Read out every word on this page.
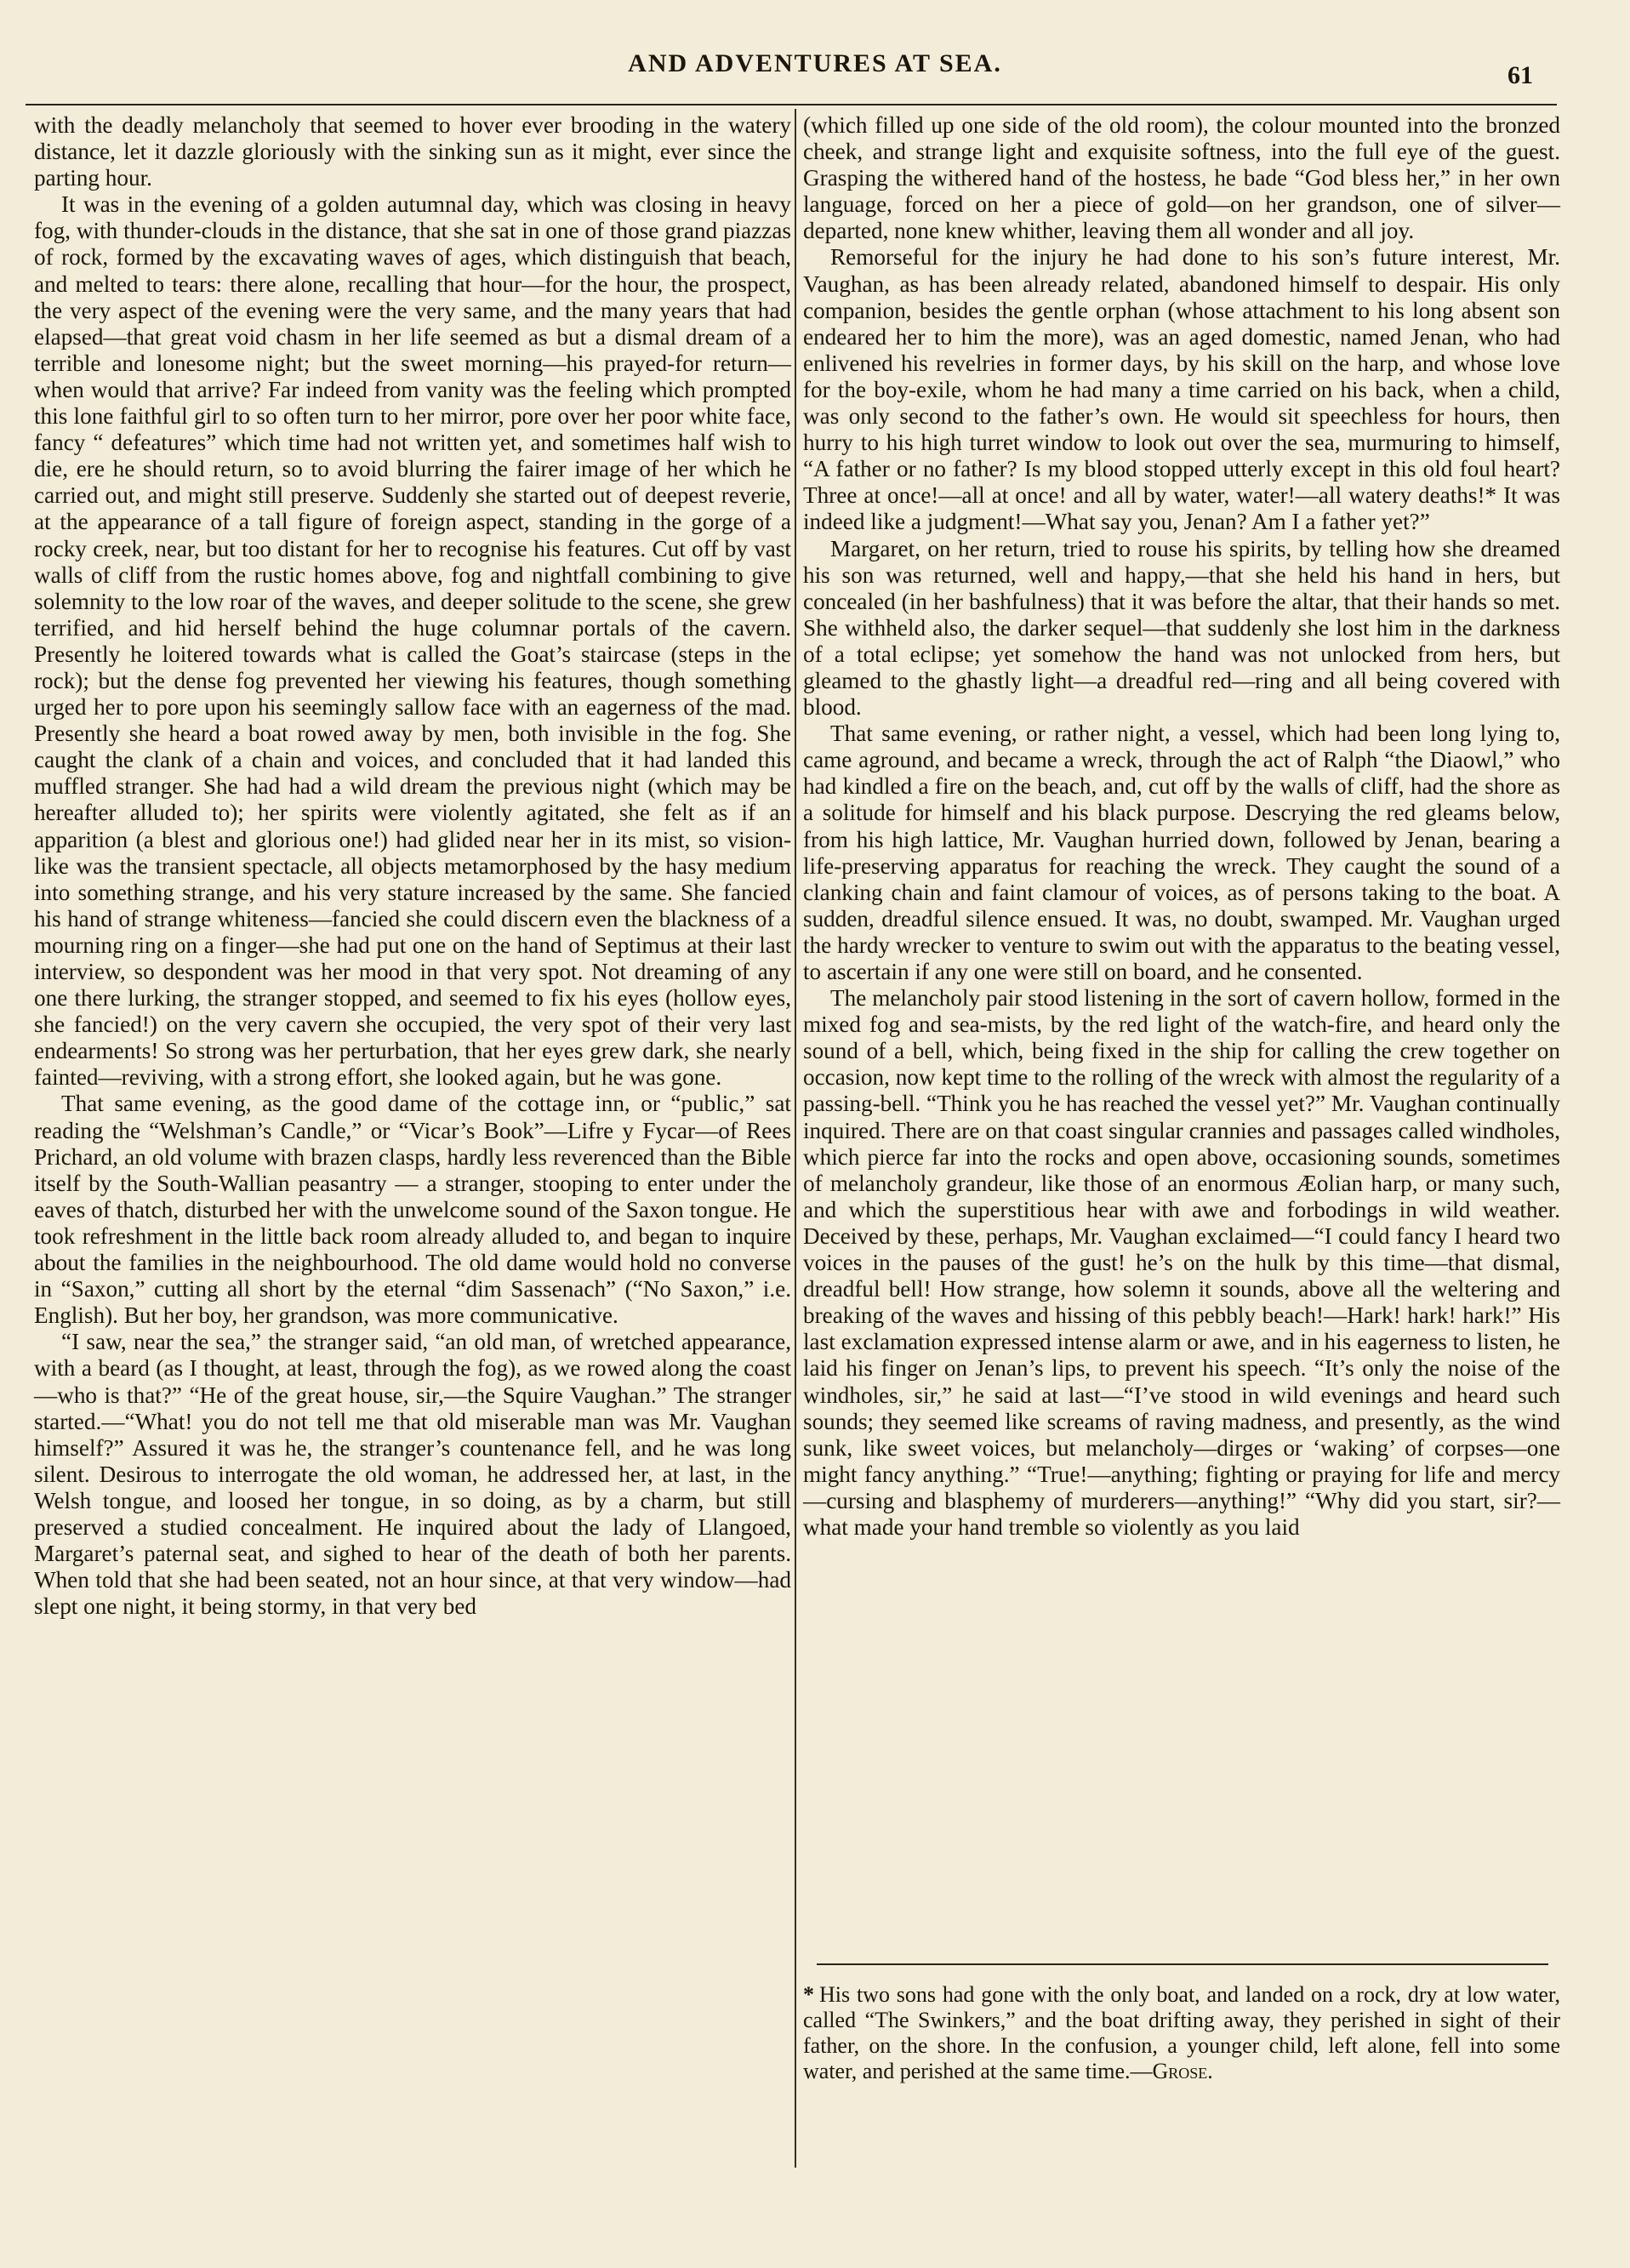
AND ADVENTURES AT SEA.	61

with the deadly melancholy that seemed to hover ever brooding in the watery distance, let it dazzle gloriously with the sinking sun as it might, ever since the parting hour.

It was in the evening of a golden autumnal day, which was closing in heavy fog, with thunder-clouds in the distance, that she sat in one of those grand piazzas of rock, formed by the excavating waves of ages, which distinguish that beach, and melted to tears: there alone, recalling that hour—for the hour, the prospect, the very aspect of the evening were the very same, and the many years that had elapsed—that great void chasm in her life seemed as but a dismal dream of a terrible and lonesome night; but the sweet morning—his prayed-for return—when would that arrive? Far indeed from vanity was the feeling which prompted this lone faithful girl to so often turn to her mirror, pore over her poor white face, fancy “ defeatures” which time had not written yet, and sometimes half wish to die, ere he should return, so to avoid blurring the fairer image of her which he carried out, and might still preserve. Suddenly she started out of deepest reverie, at the appearance of a tall figure of foreign aspect, standing in the gorge of a rocky creek, near, but too distant for her to recognise his features. Cut off by vast walls of cliff from the rustic homes above, fog and nightfall combining to give solemnity to the low roar of the waves, and deeper solitude to the scene, she grew terrified, and hid herself behind the huge columnar portals of the cavern. Presently he loitered towards what is called the Goat’s staircase (steps in the rock); but the dense fog prevented her viewing his features, though something urged her to pore upon his seemingly sallow face with an eagerness of the mad. Presently she heard a boat rowed away by men, both invisible in the fog. She caught the clank of a chain and voices, and concluded that it had landed this muffled stranger. She had had a wild dream the previous night (which may be hereafter alluded to); her spirits were violently agitated, she felt as if an apparition (a blest and glorious one!) had glided near her in its mist, so vision-like was the transient spectacle, all objects metamorphosed by the hasy medium into something strange, and his very stature increased by the same. She fancied his hand of strange whiteness—fancied she could discern even the blackness of a mourning ring on a finger—she had put one on the hand of Septimus at their last interview, so despondent was her mood in that very spot. Not dreaming of any one there lurking, the stranger stopped, and seemed to fix his eyes (hollow eyes, she fancied!) on the very cavern she occupied, the very spot of their very last endearments! So strong was her perturbation, that her eyes grew dark, she nearly fainted—reviving, with a strong effort, she looked again, but he was gone.

That same evening, as the good dame of the cottage inn, or “public,” sat reading the “Welshman’s Candle,” or “Vicar’s Book”—Lifre y Fycar—of Rees Prichard, an old volume with brazen clasps, hardly less reverenced than the Bible itself by the South-Wallian peasantry — a stranger, stooping to enter under the eaves of thatch, disturbed her with the unwelcome sound of the Saxon tongue. He took refreshment in the little back room already alluded to, and began to inquire about the families in the neighbourhood. The old dame would hold no converse in “Saxon,” cutting all short by the eternal “dim Sassenach” (“No Saxon,” i.e. English). But her boy, her grandson, was more communicative.

“I saw, near the sea,” the stranger said, “an old man, of wretched appearance, with a beard (as I thought, at least, through the fog), as we rowed along the coast—who is that?” “He of the great house, sir,—the Squire Vaughan.” The stranger started.—“What! you do not tell me that old miserable man was Mr. Vaughan himself?” Assured it was he, the stranger’s countenance fell, and he was long silent. Desirous to interrogate the old woman, he addressed her, at last, in the Welsh tongue, and loosed her tongue, in so doing, as by a charm, but still preserved a studied concealment. He inquired about the lady of Llangoed, Margaret’s paternal seat, and sighed to hear of the death of both her parents. When told that she had been seated, not an hour since, at that very window—had slept one night, it being stormy, in that very bed

(which filled up one side of the old room), the colour mounted into the bronzed cheek, and strange light and exquisite softness, into the full eye of the guest. Grasping the withered hand of the hostess, he bade “God bless her,” in her own language, forced on her a piece of gold—on her grandson, one of silver—departed, none knew whither, leaving them all wonder and all joy.

Remorseful for the injury he had done to his son’s future interest, Mr. Vaughan, as has been already related, abandoned himself to despair. His only companion, besides the gentle orphan (whose attachment to his long absent son endeared her to him the more), was an aged domestic, named Jenan, who had enlivened his revelries in former days, by his skill on the harp, and whose love for the boy-exile, whom he had many a time carried on his back, when a child, was only second to the father’s own. He would sit speechless for hours, then hurry to his high turret window to look out over the sea, murmuring to himself, “A father or no father? Is my blood stopped utterly except in this old foul heart? Three at once!—all at once! and all by water, water!—all watery deaths!* It was indeed like a judgment!—What say you, Jenan? Am I a father yet?”

Margaret, on her return, tried to rouse his spirits, by telling how she dreamed his son was returned, well and happy,—that she held his hand in hers, but concealed (in her bashfulness) that it was before the altar, that their hands so met. She withheld also, the darker sequel—that suddenly she lost him in the darkness of a total eclipse; yet somehow the hand was not unlocked from hers, but gleamed to the ghastly light—a dreadful red—ring and all being covered with blood.

That same evening, or rather night, a vessel, which had been long lying to, came aground, and became a wreck, through the act of Ralph “the Diaowl,” who had kindled a fire on the beach, and, cut off by the walls of cliff, had the shore as a solitude for himself and his black purpose. Descrying the red gleams below, from his high lattice, Mr. Vaughan hurried down, followed by Jenan, bearing a life-preserving apparatus for reaching the wreck. They caught the sound of a clanking chain and faint clamour of voices, as of persons taking to the boat. A sudden, dreadful silence ensued. It was, no doubt, swamped. Mr. Vaughan urged the hardy wrecker to venture to swim out with the apparatus to the beating vessel, to ascertain if any one were still on board, and he consented.

The melancholy pair stood listening in the sort of cavern hollow, formed in the mixed fog and sea-mists, by the red light of the watch-fire, and heard only the sound of a bell, which, being fixed in the ship for calling the crew together on occasion, now kept time to the rolling of the wreck with almost the regularity of a passing-bell. “Think you he has reached the vessel yet?” Mr. Vaughan continually inquired. There are on that coast singular crannies and passages called windholes, which pierce far into the rocks and open above, occasioning sounds, sometimes of melancholy grandeur, like those of an enormous Æolian harp, or many such, and which the superstitious hear with awe and forbodings in wild weather. Deceived by these, perhaps, Mr. Vaughan exclaimed—“I could fancy I heard two voices in the pauses of the gust! he’s on the hulk by this time—that dismal, dreadful bell! How strange, how solemn it sounds, above all the weltering and breaking of the waves and hissing of this pebbly beach!—Hark! hark! hark!” His last exclamation expressed intense alarm or awe, and in his eagerness to listen, he laid his finger on Jenan’s lips, to prevent his speech. “It’s only the noise of the windholes, sir,” he said at last—“I’ve stood in wild evenings and heard such sounds; they seemed like screams of raving madness, and presently, as the wind sunk, like sweet voices, but melancholy—dirges or ‘waking’ of corpses—one might fancy anything.” “True!—anything; fighting or praying for life and mercy—cursing and blasphemy of murderers—anything!” “Why did you start, sir?—what made your hand tremble so violently as you laid

* His two sons had gone with the only boat, and landed on a rock, dry at low water, called “The Swinkers,” and the boat drifting away, they perished in sight of their father, on the shore. In the confusion, a younger child, left alone, fell into some water, and perished at the same time.—Grose.
